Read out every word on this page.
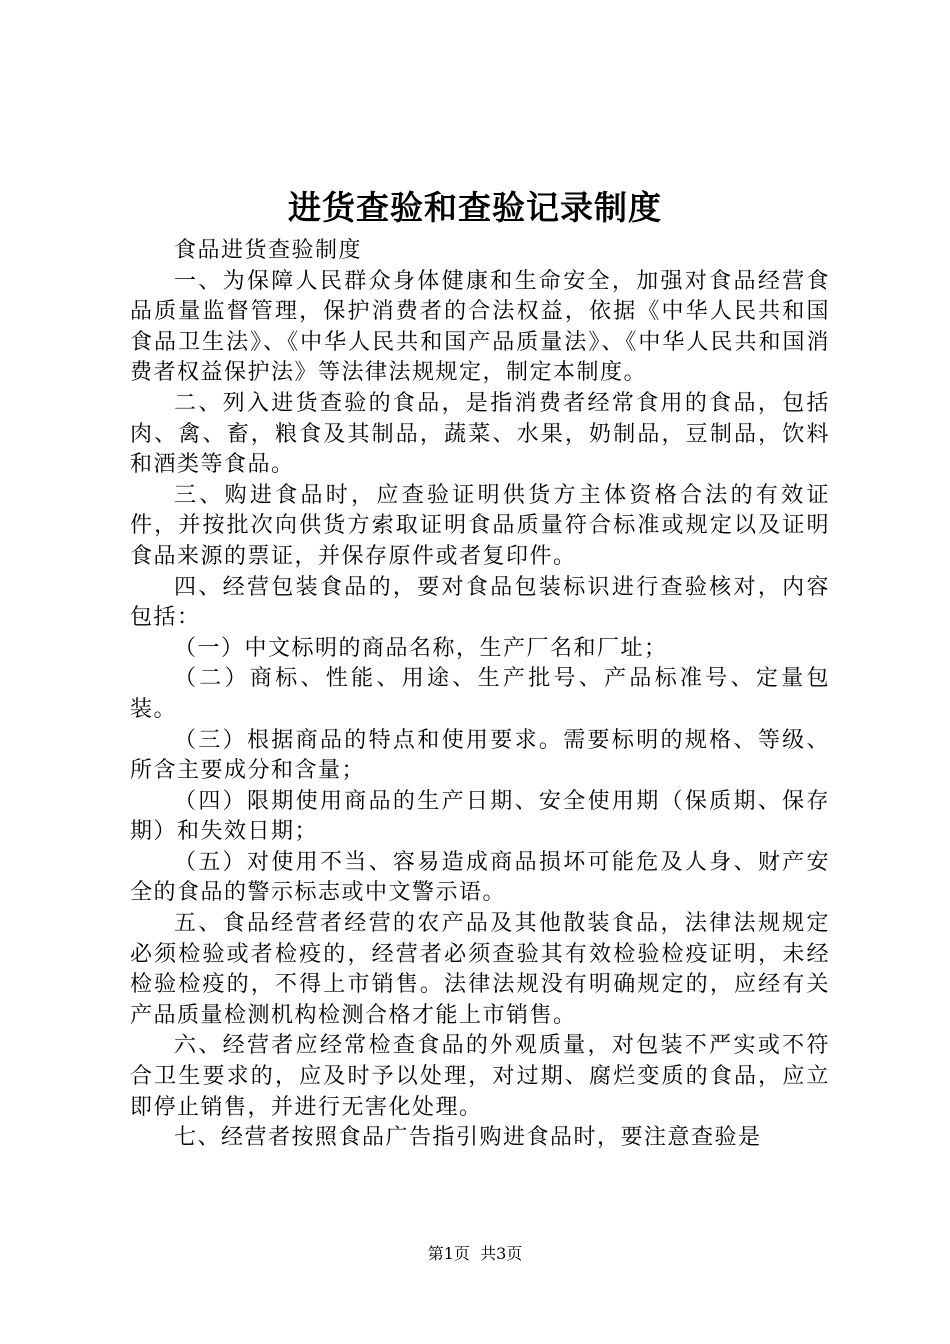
进货查验和查验记录制度

食品进货查验制度

一、为保障人民群众身体健康和生命安全，加强对食品经营食品质量监督管理，保护消费者的合法权益，依据《中华人民共和国食品卫生法》、《中华人民共和国产品质量法》、《中华人民共和国消费者权益保护法》等法律法规规定，制定本制度。

二、列入进货查验的食品，是指消费者经常食用的食品，包括肉、禽、畜，粮食及其制品，蔬菜、水果，奶制品，豆制品，饮料和酒类等食品。

三、购进食品时，应查验证明供货方主体资格合法的有效证件，并按批次向供货方索取证明食品质量符合标准或规定以及证明食品来源的票证，并保存原件或者复印件。

四、经营包装食品的，要对食品包装标识进行查验核对，内容包括：

（一）中文标明的商品名称，生产厂名和厂址；

（二）商标、性能、用途、生产批号、产品标准号、定量包装。

（三）根据商品的特点和使用要求。需要标明的规格、等级、所含主要成分和含量；

（四）限期使用商品的生产日期、安全使用期（保质期、保存期）和失效日期；

（五）对使用不当、容易造成商品损坏可能危及人身、财产安全的食品的警示标志或中文警示语。

五、食品经营者经营的农产品及其他散装食品，法律法规规定必须检验或者检疫的，经营者必须查验其有效检验检疫证明，未经检验检疫的，不得上市销售。法律法规没有明确规定的，应经有关产品质量检测机构检测合格才能上市销售。

六、经营者应经常检查食品的外观质量，对包装不严实或不符合卫生要求的，应及时予以处理，对过期、腐烂变质的食品，应立即停止销售，并进行无害化处理。

七、经营者按照食品广告指引购进食品时，要注意查验是

第1页  共3页
